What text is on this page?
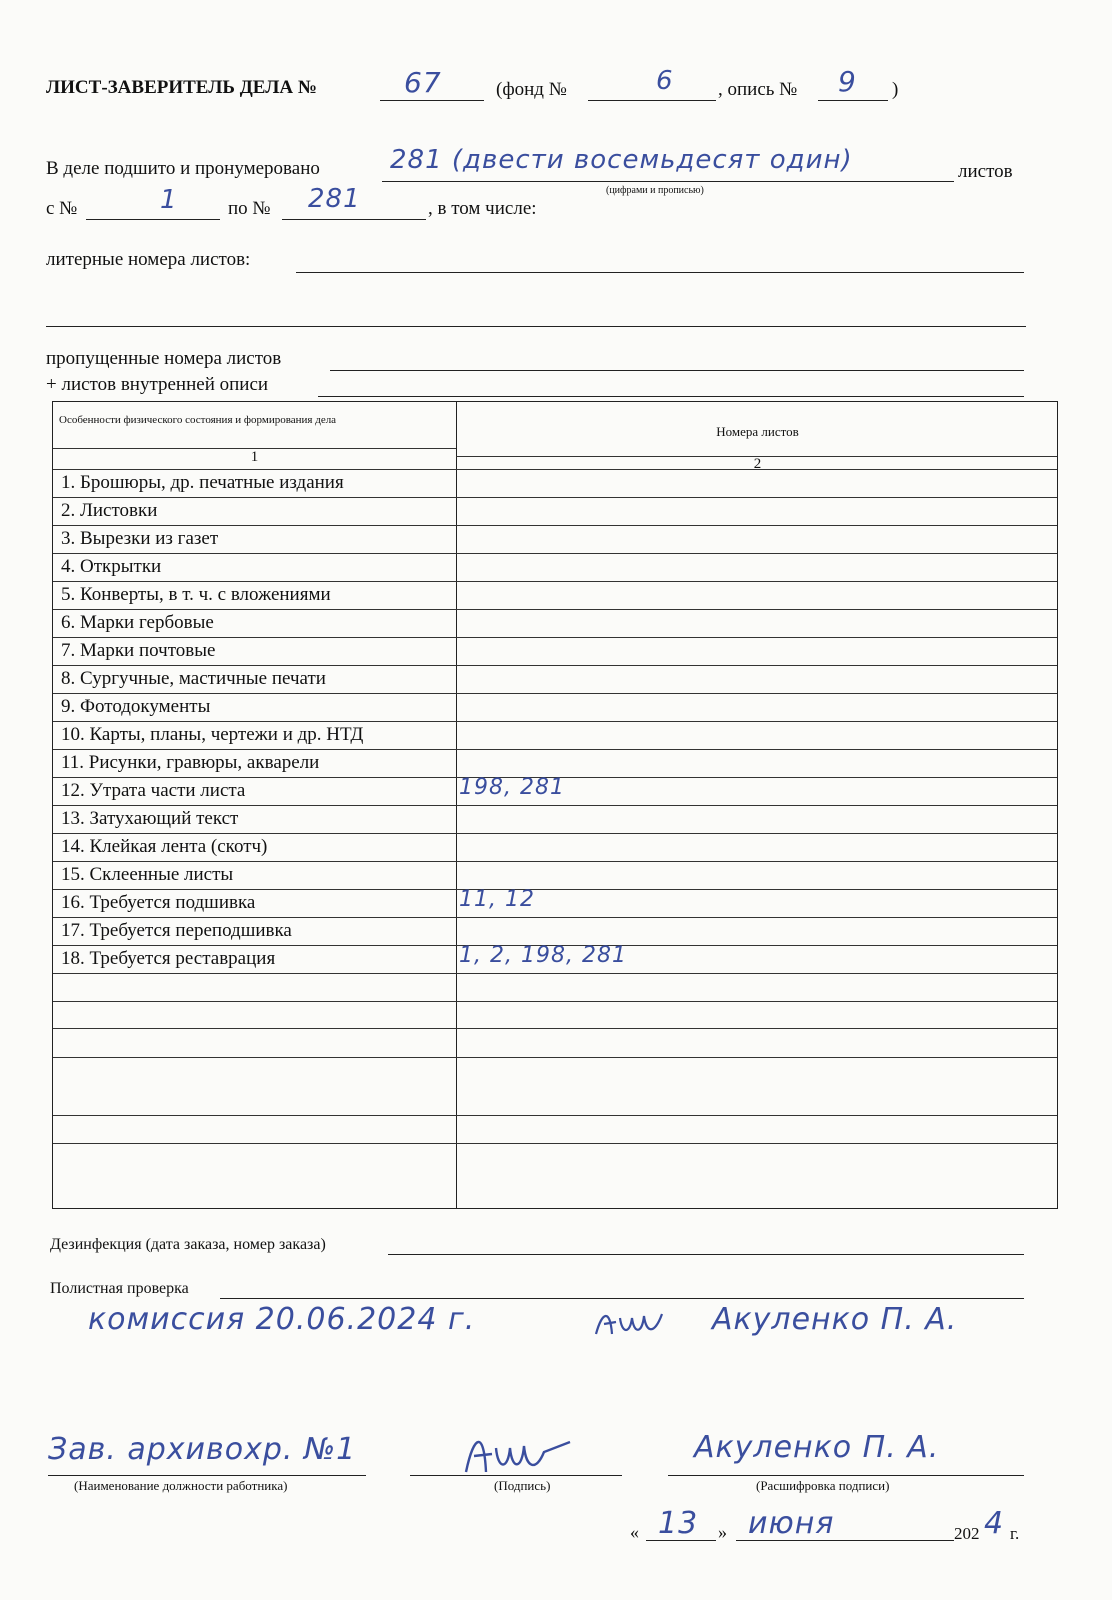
ЛИСТ-ЗАВЕРИТЕЛЬ ДЕЛА №	67	(фонд №	6 , опись № 9 )
В деле подшито и пронумеровано	281 (двести восемьдесят один)	листов
(цифрами и прописью)
с №	1	по № 281	, в том числе:
литерные номера листов:
пропущенные номера листов
+ листов внутренней описи
Особенности физического состояния и формирования дела
Номера листов
1	2
1. Брошюры, др. печатные издания
2. Листовки
3. Вырезки из газет
4. Открытки
5. Конверты, в т. ч. с вложениями
6. Марки гербовые
7. Марки почтовые
8. Сургучные, мастичные печати
9. Фотодокументы
10. Карты, планы, чертежи и др. НТД
11. Рисунки, гравюры, акварели
12. Утрата части листа	198, 281
13. Затухающий текст
14. Клейкая лента (скотч)
15. Склеенные листы
16. Требуется подшивка	11, 12
17. Требуется переподшивка
18. Требуется реставрация	1, 2, 198, 281
Дезинфекция (дата заказа, номер заказа)
Полистная проверка
комиссия 20.06.2024 г.	Акуленко П. А.
Зав. архивохр. №1
(Наименование должности работника)	(Подпись)
Акуленко П. А.
(Расшифровка подписи)
« 13 » июня	202 4 г.
